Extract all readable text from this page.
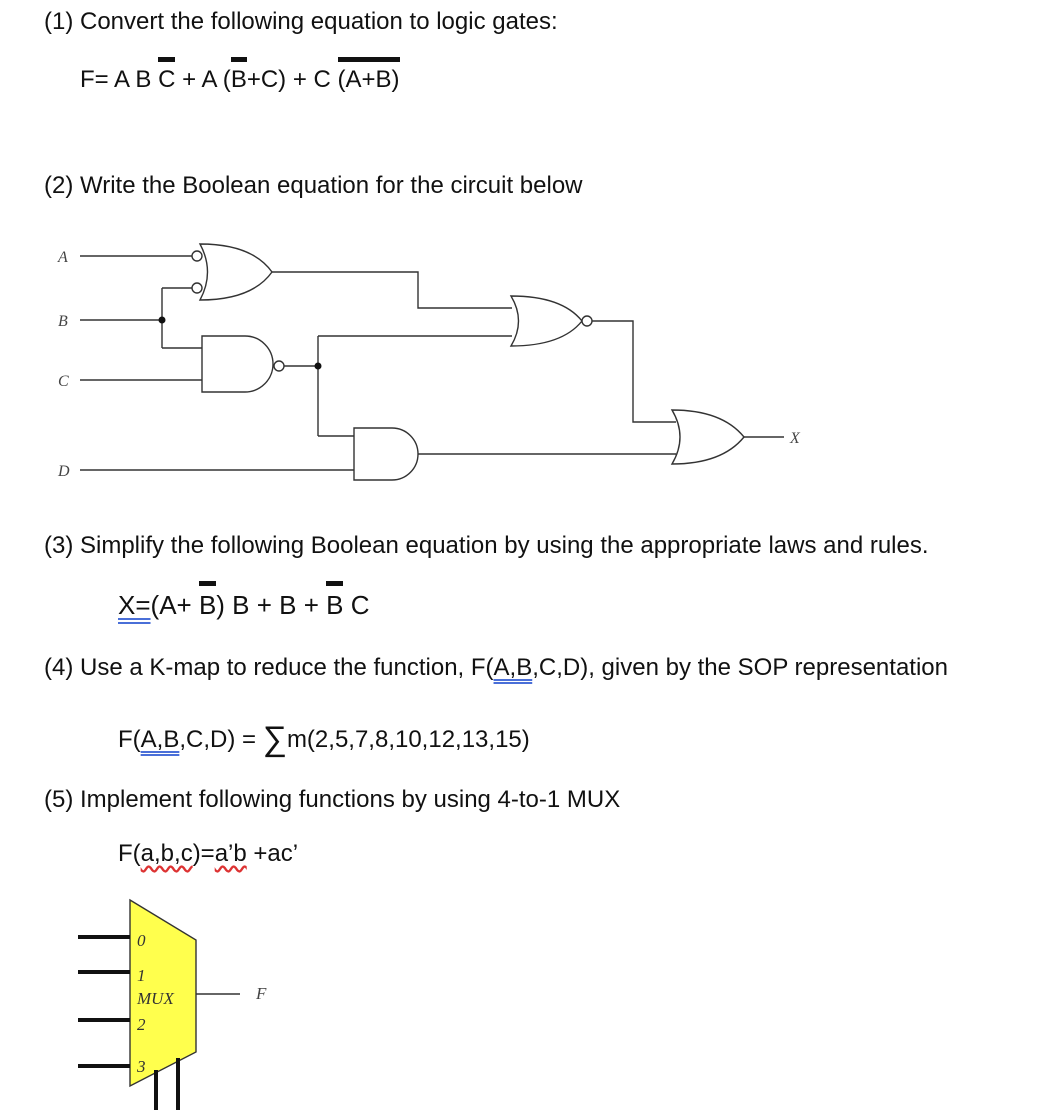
(1) Convert the following equation to logic gates:
F= A B C + A (B+C) + C (A+B)
(2) Write the Boolean equation for the circuit below
A
B
C
D
X
(3) Simplify the following Boolean equation by using the appropriate laws and rules.
X=(A+ B) B + B + B C
(4) Use a K-map to reduce the function, F(A,B,C,D), given by the SOP representation
F(A,B,C,D) = ∑m(2,5,7,8,10,12,13,15)
(5) Implement following functions by using 4-to-1 MUX
F(a,b,c)=a’b +ac’
0
1
2
3
MUX	F
